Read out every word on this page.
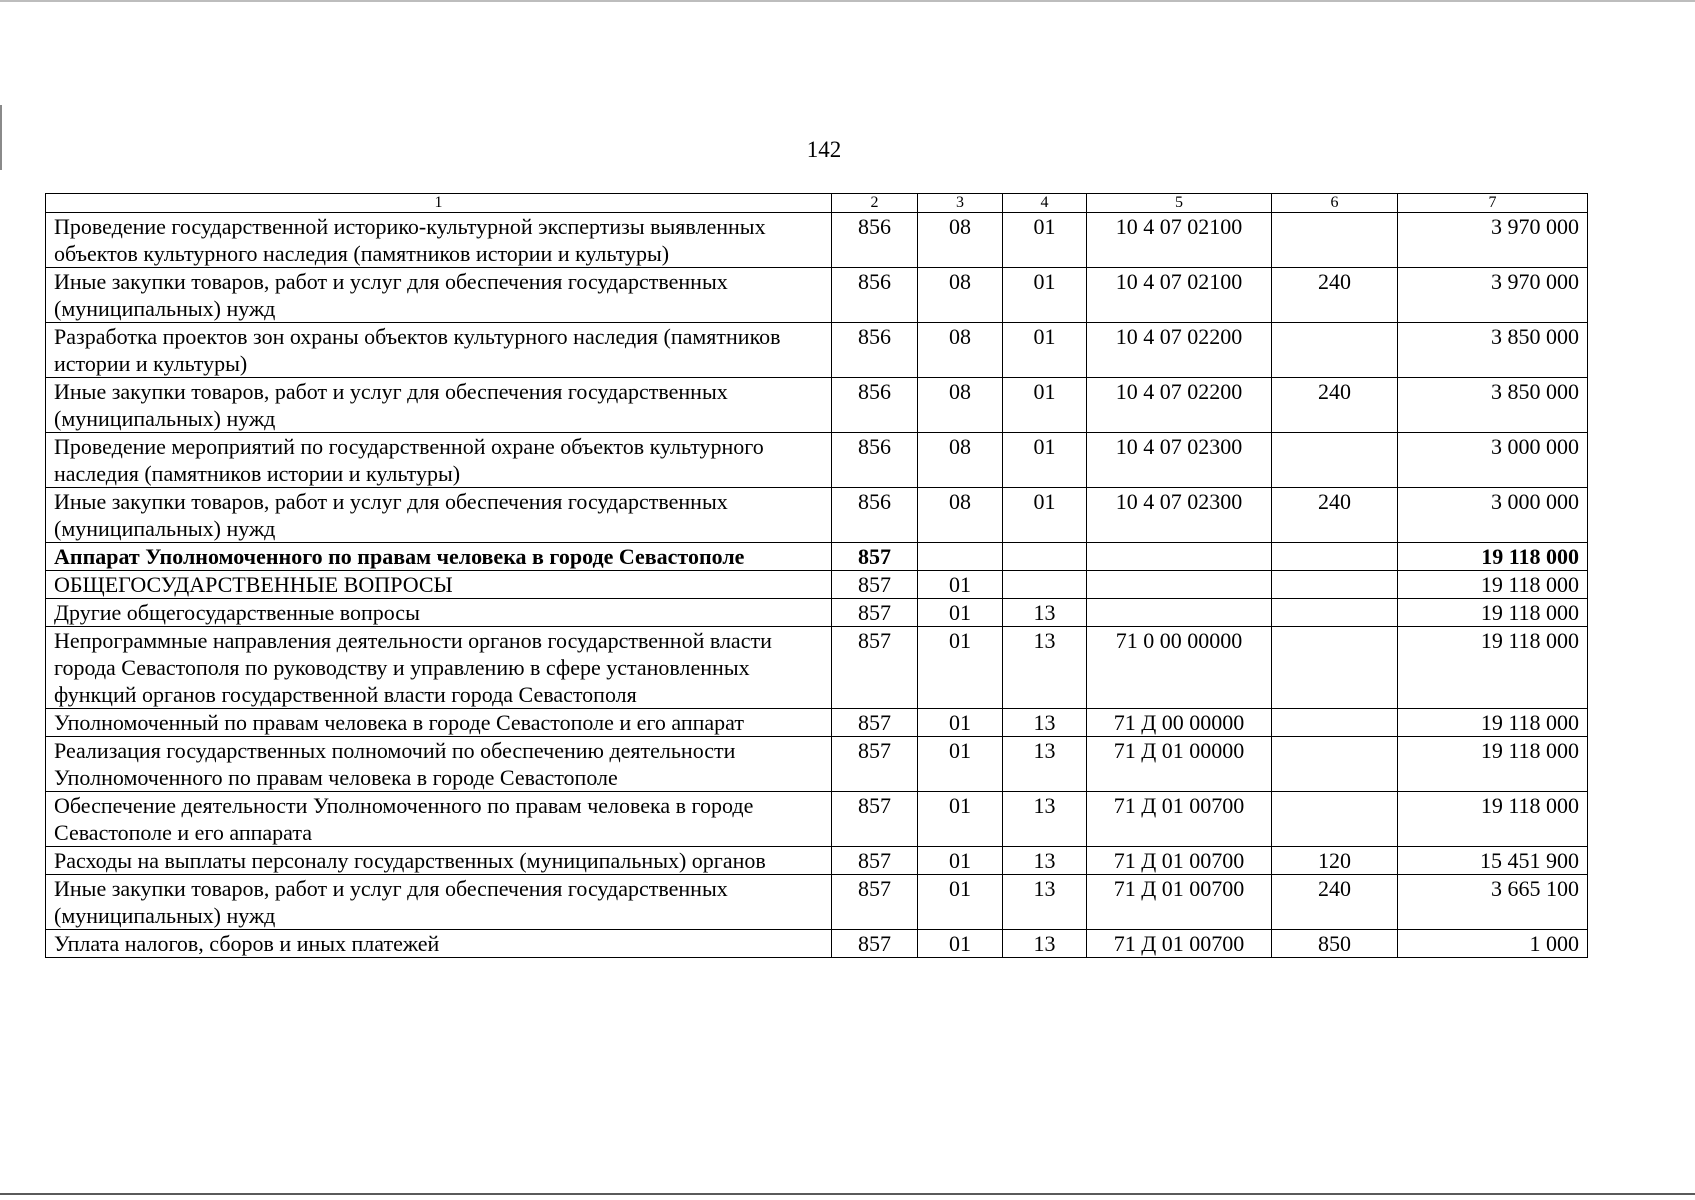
142
1	2	3	4	5	6	7
Проведение государственной историко-культурной экспертизы выявленных объектов культурного наследия (памятников истории и культуры)	856	08	01	10 4 07 02100		3 970 000
Иные закупки товаров, работ и услуг для обеспечения государственных (муниципальных) нужд	856	08	01	10 4 07 02100	240	3 970 000
Разработка проектов зон охраны объектов культурного наследия (памятников истории и культуры)	856	08	01	10 4 07 02200		3 850 000
Иные закупки товаров, работ и услуг для обеспечения государственных (муниципальных) нужд	856	08	01	10 4 07 02200	240	3 850 000
Проведение мероприятий по государственной охране объектов культурного наследия (памятников истории и культуры)	856	08	01	10 4 07 02300		3 000 000
Иные закупки товаров, работ и услуг для обеспечения государственных (муниципальных) нужд	856	08	01	10 4 07 02300	240	3 000 000
Аппарат Уполномоченного по правам человека в городе Севастополе	857					19 118 000
ОБЩЕГОСУДАРСТВЕННЫЕ ВОПРОСЫ	857	01				19 118 000
Другие общегосударственные вопросы	857	01	13			19 118 000
Непрограммные направления деятельности органов государственной власти города Севастополя по руководству и управлению в сфере установленных функций органов государственной власти города Севастополя	857	01	13	71 0 00 00000		19 118 000
Уполномоченный по правам человека в городе Севастополе и его аппарат	857	01	13	71 Д 00 00000		19 118 000
Реализация государственных полномочий по обеспечению деятельности Уполномоченного по правам человека в городе Севастополе	857	01	13	71 Д 01 00000		19 118 000
Обеспечение деятельности Уполномоченного по правам человека в городе Севастополе и его аппарата	857	01	13	71 Д 01 00700		19 118 000
Расходы на выплаты персоналу государственных (муниципальных) органов	857	01	13	71 Д 01 00700	120	15 451 900
Иные закупки товаров, работ и услуг для обеспечения государственных (муниципальных) нужд	857	01	13	71 Д 01 00700	240	3 665 100
Уплата налогов, сборов и иных платежей	857	01	13	71 Д 01 00700	850	1 000
